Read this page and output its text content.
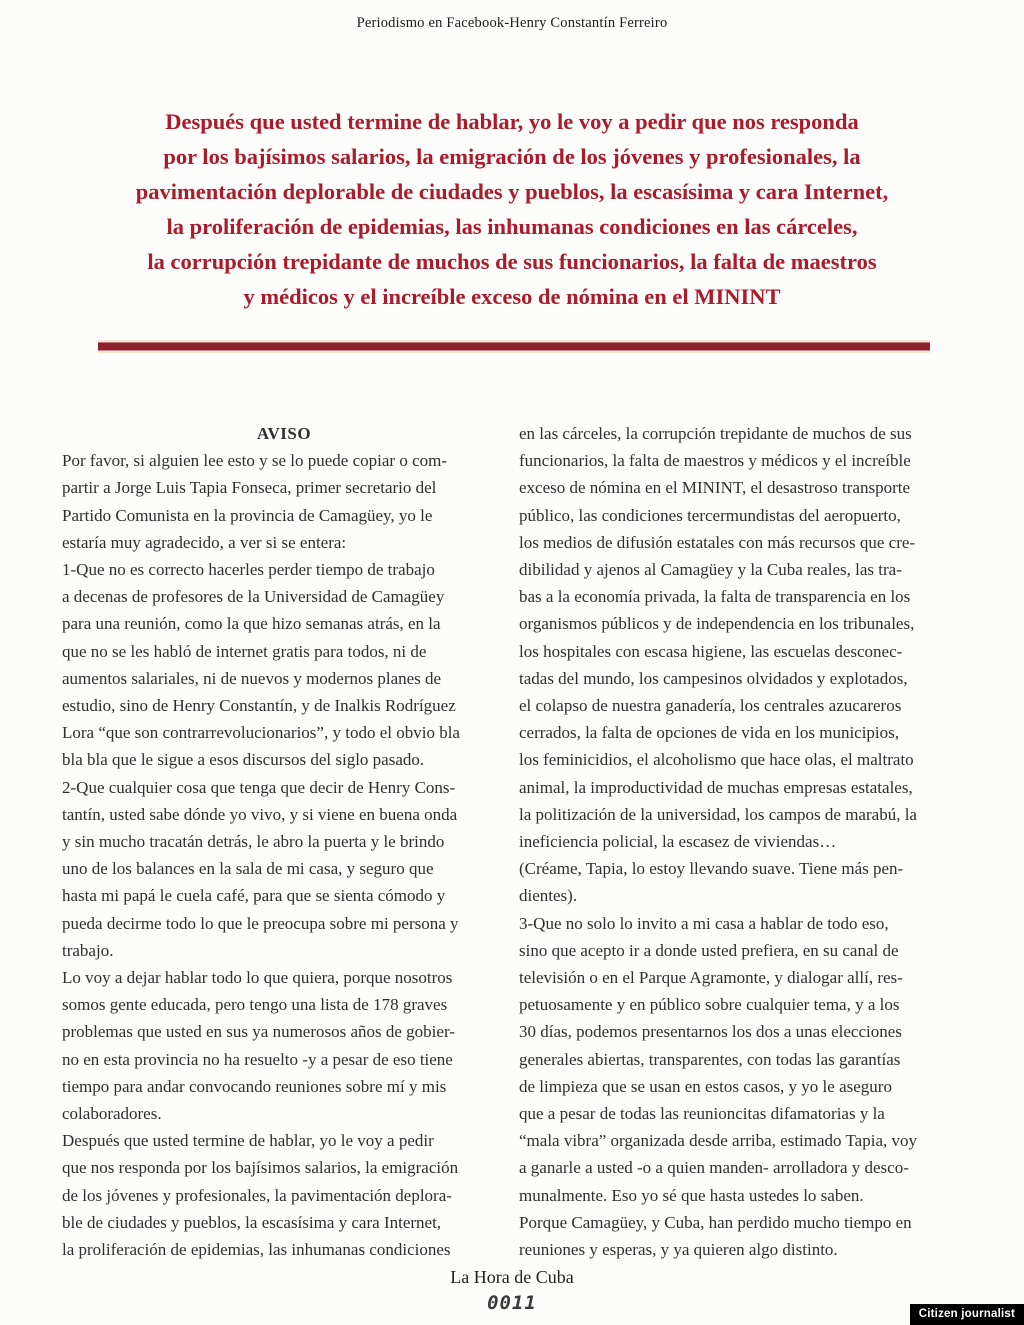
Periodismo en Facebook-Henry Constantín Ferreiro
Después que usted termine de hablar, yo le voy a pedir que nos responda
por los bajísimos salarios, la emigración de los jóvenes y profesionales, la
pavimentación deplorable de ciudades y pueblos, la escasísima y cara Internet,
la proliferación de epidemias, las inhumanas condiciones en las cárceles,
la corrupción trepidante de muchos de sus funcionarios, la falta de maestros
y médicos y el increíble exceso de nómina en el MININT
AVISO
Por favor, si alguien lee esto y se lo puede copiar o com-
partir a Jorge Luis Tapia Fonseca, primer secretario del
Partido Comunista en la provincia de Camagüey, yo le
estaría muy agradecido, a ver si se entera:
1-Que no es correcto hacerles perder tiempo de trabajo
a decenas de profesores de la Universidad de Camagüey
para una reunión, como la que hizo semanas atrás, en la
que no se les habló de internet gratis para todos, ni de
aumentos salariales, ni de nuevos y modernos planes de
estudio, sino de Henry Constantín, y de Inalkis Rodríguez
Lora “que son contrarrevolucionarios”, y todo el obvio bla
bla bla que le sigue a esos discursos del siglo pasado.
2-Que cualquier cosa que tenga que decir de Henry Cons-
tantín, usted sabe dónde yo vivo, y si viene en buena onda
y sin mucho tracatán detrás, le abro la puerta y le brindo
uno de los balances en la sala de mi casa, y seguro que
hasta mi papá le cuela café, para que se sienta cómodo y
pueda decirme todo lo que le preocupa sobre mi persona y
trabajo.
Lo voy a dejar hablar todo lo que quiera, porque nosotros
somos gente educada, pero tengo una lista de 178 graves
problemas que usted en sus ya numerosos años de gobier-
no en esta provincia no ha resuelto -y a pesar de eso tiene
tiempo para andar convocando reuniones sobre mí y mis
colaboradores.
Después que usted termine de hablar, yo le voy a pedir
que nos responda por los bajísimos salarios, la emigración
de los jóvenes y profesionales, la pavimentación deplora-
ble de ciudades y pueblos, la escasísima y cara Internet,
la proliferación de epidemias, las inhumanas condiciones
en las cárceles, la corrupción trepidante de muchos de sus
funcionarios, la falta de maestros y médicos y el increíble
exceso de nómina en el MININT, el desastroso transporte
público, las condiciones tercermundistas del aeropuerto,
los medios de difusión estatales con más recursos que cre-
dibilidad y ajenos al Camagüey y la Cuba reales, las tra-
bas a la economía privada, la falta de transparencia en los
organismos públicos y de independencia en los tribunales,
los hospitales con escasa higiene, las escuelas desconec-
tadas del mundo, los campesinos olvidados y explotados,
el colapso de nuestra ganadería, los centrales azucareros
cerrados, la falta de opciones de vida en los municipios,
los feminicidios, el alcoholismo que hace olas, el maltrato
animal, la improductividad de muchas empresas estatales,
la politización de la universidad, los campos de marabú, la
ineficiencia policial, la escasez de viviendas…
(Créame, Tapia, lo estoy llevando suave. Tiene más pen-
dientes).
3-Que no solo lo invito a mi casa a hablar de todo eso,
sino que acepto ir a donde usted prefiera, en su canal de
televisión o en el Parque Agramonte, y dialogar allí, res-
petuosamente y en público sobre cualquier tema, y a los
30 días, podemos presentarnos los dos a unas elecciones
generales abiertas, transparentes, con todas las garantías
de limpieza que se usan en estos casos, y yo le aseguro
que a pesar de todas las reunioncitas difamatorias y la
“mala vibra” organizada desde arriba, estimado Tapia, voy
a ganarle a usted -o a quien manden- arrolladora y desco-
munalmente. Eso yo sé que hasta ustedes lo saben.
Porque Camagüey, y Cuba, han perdido mucho tiempo en
reuniones y esperas, y ya quieren algo distinto.
La Hora de Cuba
0011	Citizen journalist
